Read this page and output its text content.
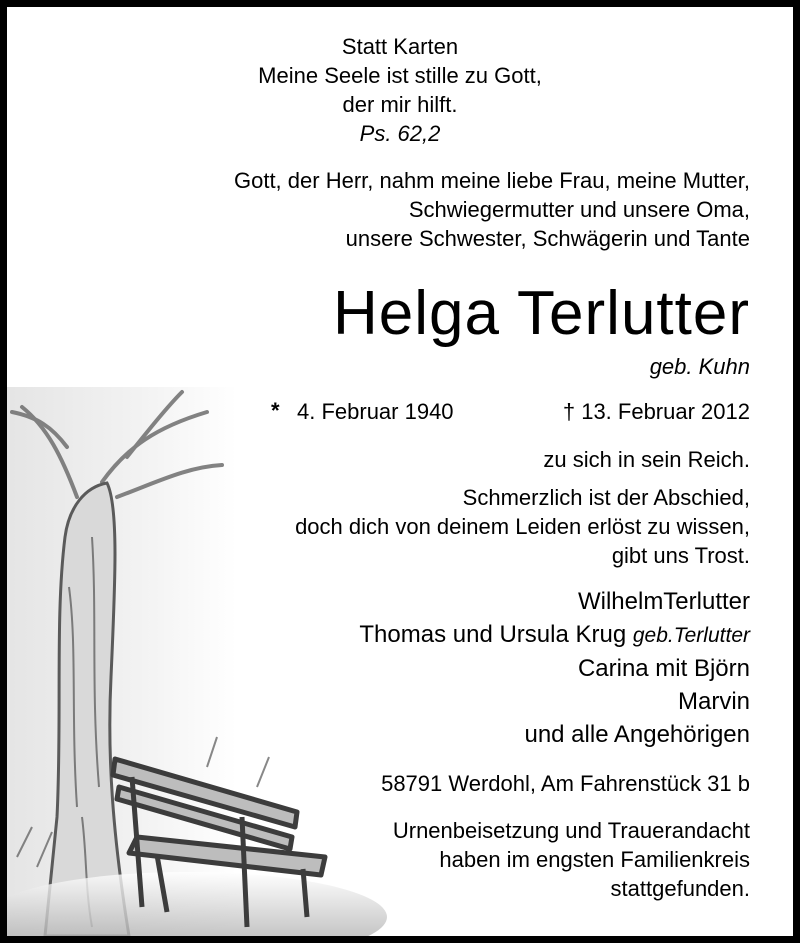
Statt Karten
Meine Seele ist stille zu Gott,
der mir hilft.
Ps. 62,2
Gott, der Herr, nahm meine liebe Frau, meine Mutter,
Schwiegermutter und unsere Oma,
unsere Schwester, Schwägerin und Tante
Helga Terlutter
geb. Kuhn
* 4. Februar 1940	† 13. Februar 2012
zu sich in sein Reich.
Schmerzlich ist der Abschied,
doch dich von deinem Leiden erlöst zu wissen,
gibt uns Trost.
WilhelmTerlutter
Thomas und Ursula Krug geb.Terlutter
Carina mit Björn
Marvin
und alle Angehörigen
58791 Werdohl, Am Fahrenstück 31 b
Urnenbeisetzung und Trauerandacht
haben im engsten Familienkreis
stattgefunden.
